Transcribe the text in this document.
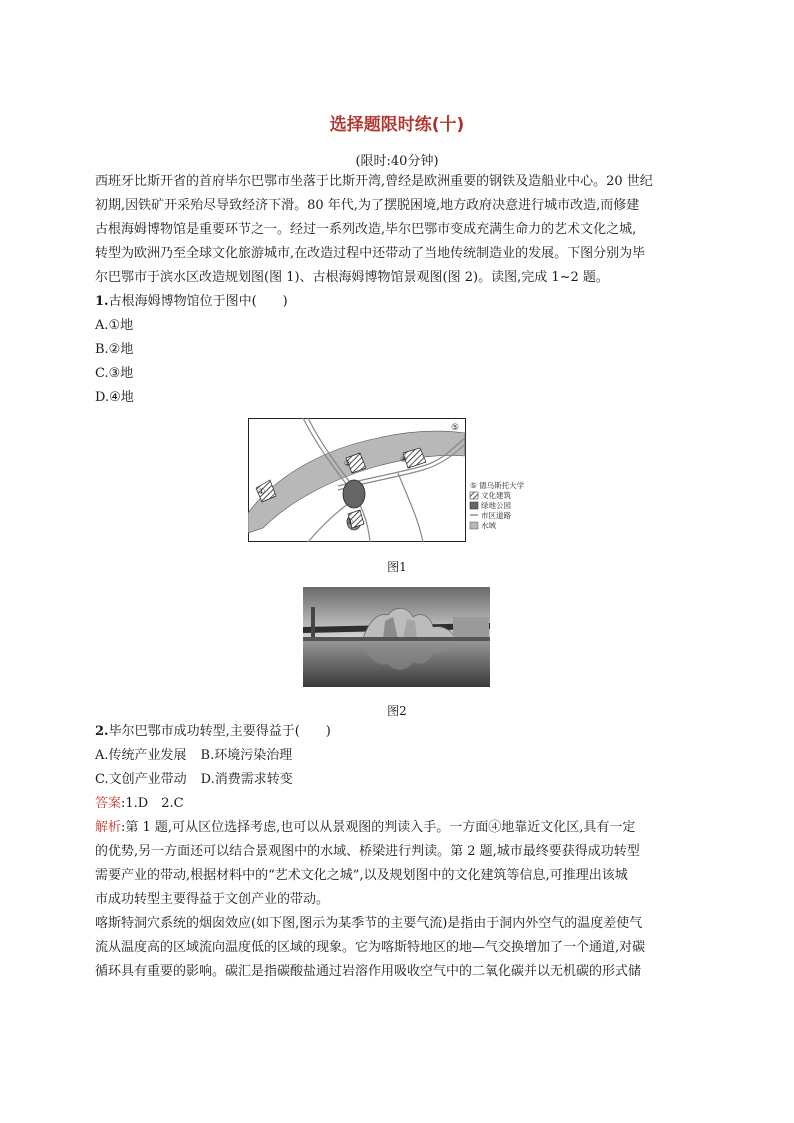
选择题限时练(十)
(限时:40分钟)
西班牙比斯开省的首府毕尔巴鄂市坐落于比斯开湾,曾经是欧洲重要的钢铁及造船业中心。20 世纪
初期,因铁矿开采殆尽导致经济下滑。80 年代,为了摆脱困境,地方政府决意进行城市改造,而修建
古根海姆博物馆是重要环节之一。经过一系列改造,毕尔巴鄂市变成充满生命力的艺术文化之城,
转型为欧洲乃至全球文化旅游城市,在改造过程中还带动了当地传统制造业的发展。下图分别为毕
尔巴鄂市于滨水区改造规划图(图 1)、古根海姆博物馆景观图(图 2)。读图,完成 1~2 题。
1.古根海姆博物馆位于图中(　　)
A.①地
B.②地
C.③地
D.④地
①
②
③
④
⑤
⑤ 德乌斯托大学
文化建筑
绿地公园
市区道路
水域
图1
图2
2.毕尔巴鄂市成功转型,主要得益于(　　)
A.传统产业发展 B.环境污染治理
C.文创产业带动 D.消费需求转变
答案:1.D　2.C
解析:第 1 题,可从区位选择考虑,也可以从景观图的判读入手。一方面④地靠近文化区,具有一定
的优势,另一方面还可以结合景观图中的水域、桥梁进行判读。第 2 题,城市最终要获得成功转型
需要产业的带动,根据材料中的“艺术文化之城”,以及规划图中的文化建筑等信息,可推理出该城
市成功转型主要得益于文创产业的带动。
喀斯特洞穴系统的烟囱效应(如下图,图示为某季节的主要气流)是指由于洞内外空气的温度差使气
流从温度高的区域流向温度低的区域的现象。它为喀斯特地区的地—气交换增加了一个通道,对碳
循环具有重要的影响。碳汇是指碳酸盐通过岩溶作用吸收空气中的二氧化碳并以无机碳的形式储
